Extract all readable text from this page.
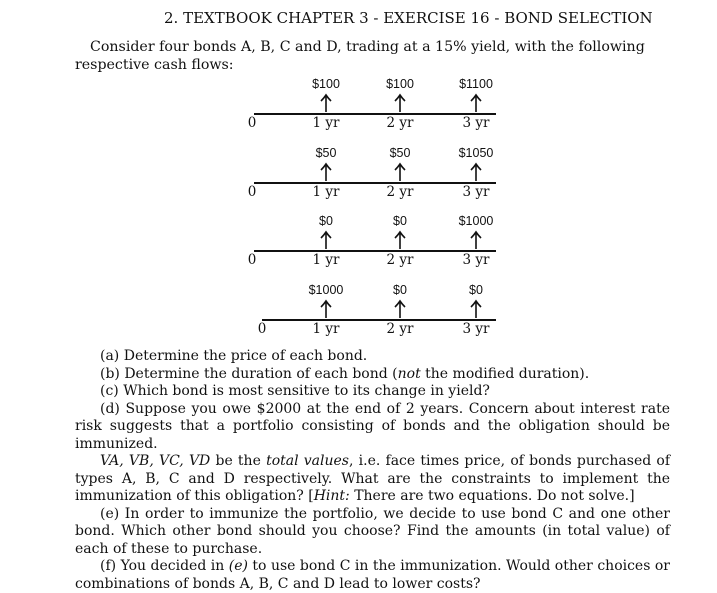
2. TEXTBOOK CHAPTER 3 - EXERCISE 16 - BOND SELECTION
Consider four bonds A, B, C and D, trading at a 15% yield, with the following respective cash flows:
0
$100
1 yr
$100
2 yr
$1100
3 yr
0
$50
1 yr
$50
2 yr
$1050
3 yr
0
$0
1 yr
$0
2 yr
$1000
3 yr
0
$1000
1 yr
$0
2 yr
$0
3 yr

(a) Determine the price of each bond.

(b) Determine the duration of each bond (not the modified duration).

(c) Which bond is most sensitive to its change in yield?

(d) Suppose you owe $2000 at the end of 2 years. Concern about interest rate risk suggests that a portfolio consisting of bonds and the obligation should be immunized.

VA, VB, VC, VD be the total values, i.e. face times price, of bonds purchased of types A, B, C and D respectively. What are the constraints to implement the immunization of this obligation? [Hint: There are two equations. Do not solve.]

(e) In order to immunize the portfolio, we decide to use bond C and one other bond. Which other bond should you choose? Find the amounts (in total value) of each of these to purchase.

(f) You decided in (e) to use bond C in the immunization. Would other choices or combinations of bonds A, B, C and D lead to lower costs?
